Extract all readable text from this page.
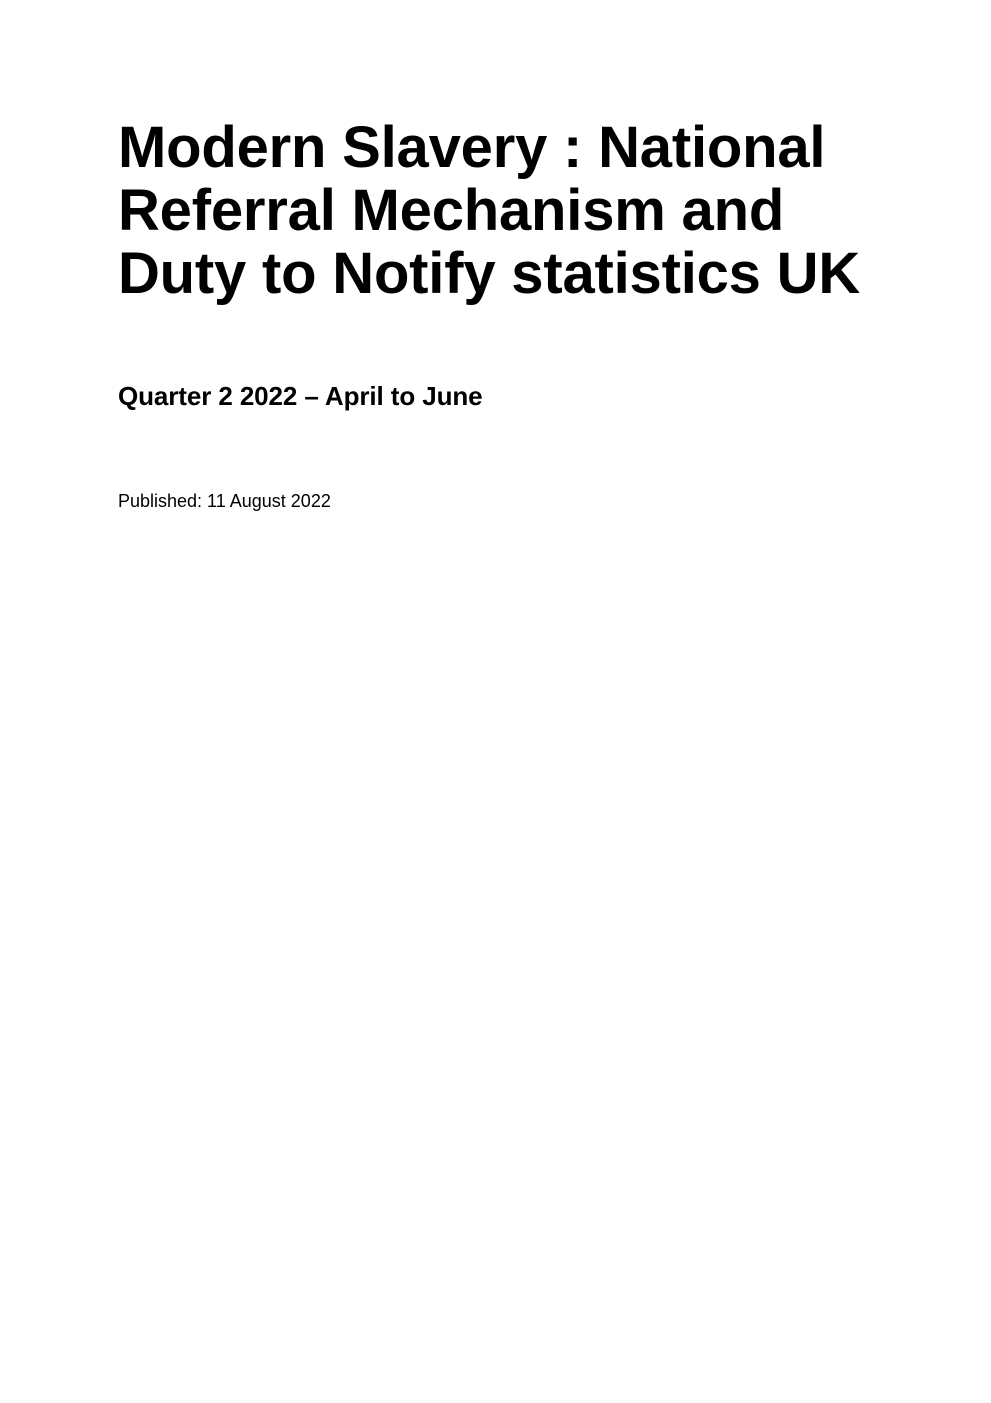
Modern Slavery : National
Referral Mechanism and
Duty to Notify statistics UK
Quarter 2 2022 – April to June

Published: 11 August 2022
